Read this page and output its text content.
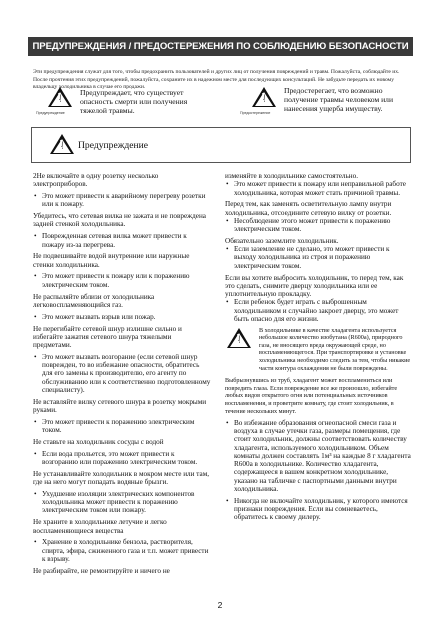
ПРЕДУПРЕЖДЕНИЯ / ПРЕДОСТЕРЕЖЕНИЯ ПО СОБЛЮДЕНИЮ БЕЗОПАСНОСТИ
Эти предупреждения служат для того, чтобы предохранить пользователей и других лиц от получения повреждений и травм. Пожалуйста, соблюдайте их. После прочтения этих предупреждений, пожалуйста, сохраните их в надежном месте для последующих консультаций. Не забудьте передать их новому владельцу холодильника в случае его продажи.
!
!
Предупреждение
Предупреждает, что существует опасность смерти или получения тяжелой травмы.
!
!
Предостережение
Предостерегает, что возможно получение травмы человеком или нанесения ущерба имуществу.
!
! Предупреждение

2Не включайте в одну розетку несколько электроприборов.

• Это может привести к аварийному перегреву розетки или к пожару.

Убедитесь, что сетевая вилка не зажата и не повреждена задней стенкой холодильника.

• Поврежденная сетевая вилка может привести к пожару из-за перегрева.

Не подвешивайте водой внутренние или наружные стенки холодильника.

• Это может привести к пожару или к поражению электрическим током.

Не распыляйте вблизи от холодильника легковоспламеняющийся газ.

• Это может вызвать взрыв или пожар.

Не перегибайте сетевой шнур излишне сильно и избегайте зажатия сетевого шнура тяжелыми предметами.

• Это может вызвать возгорание (если сетевой шнур поврежден, то во избежание опасности, обратитесь для его замены к производителю, его агенту по обслуживанию или к соответственно подготовленному специалисту).

Не вставляйте вилку сетевого шнура в розетку мокрыми руками.

• Это может привести к поражению электрическим током.

Не ставьте на холодильник сосуды с водой

• Если вода прольется, это может привести к возгоранию или поражению электрическим током.

Не устанавливайте холодильник в мокром месте или там, где на него могут попадать водяные брызги.

• Ухудшение изоляции электрических компонентов холодильника может привести к поражению электрическим током или пожару.

Не храните в холодильнике летучие и легко воспламеняющиеся вещества

• Хранение в холодильнике бензола, растворителя, спирта, эфира, сжиженного газа и т.п. может привести к взрыву.

Не разбирайте, не ремонтируйте и ничего не

изменяйте в холодильнике самостоятельно.

• Это может привести к пожару или неправильной работе холодильника, которая может стать причиной травмы.

Перед тем, как заменять осветительную лампу внутри холодильника, отсоедините сетевую вилку от розетки.

• Несоблюдение этого может привести к поражению электрическим током.

Обязательно заземлите холодильник.

• Если заземление не сделано, это может привести к выходу холодильника из строя и поражению электрическим током.

Если вы хотите выбросить холодильник, то перед тем, как это сделать, снимите дверцу холодильника или ее уплотнительную прокладку.

• Если ребенок будет играть с выброшенным холодильником и случайно закроет дверцу, это может быть опасно для его жизни.
!
!
В холодильнике в качестве хладагента используется небольшое количество изобутана (R600a), природного газа, не вносящего вреда окружающей среде, но воспламеняющегося. При транспортировке и установке холодильника необходимо следить за тем, чтобы никакие части контура охлаждения не были повреждены.

Выбрызнувшись из труб, хладагент может воспламениться или повредить глаза. Если повреждение все же произошло, избегайте любых видов открытого огня или потенциальных источников воспламенения, и проветрите комнату, где стоит холодильник, в течение нескольких минут.

• Во избежание образования огнеопасной смеси газа и воздуха в случае утечки газа, размеры помещения, где стоит холодильник, должны соответствовать количеству хладагента, используемого холодильником. Объем комнаты должен составлять 1м³ на каждые 8 г хладагента R600a в холодильнике. Количество хладагента, содержащееся в вашем конкретном холодильнике, указано на табличке с паспортными данными внутри холодильника.
• Никогда не включайте холодильник, у которого имеются признаки повреждения. Если вы сомневаетесь, обратитесь к своему дилеру.
2
